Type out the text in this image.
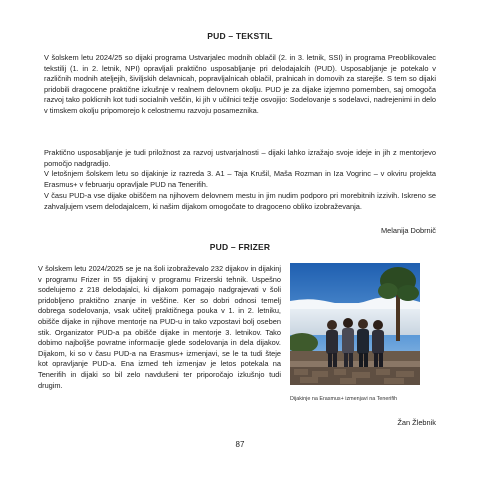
PUD – TEKSTIL

V šolskem letu 2024/25 so dijaki programa Ustvarjalec modnih oblačil (2. in 3. letnik, SSI) in programa Preoblikovalec tekstilij (1. in 2. letnik, NPI) opravljali praktično usposabljanje pri delodajalcih (PUD). Usposabljanje je potekalo v različnih modnih ateljejih, šiviljskih delavnicah, popravljalnicah oblačil, pralnicah in domovih za starejše. S tem so dijaki pridobili dragocene praktične izkušnje v realnem delovnem okolju. PUD je za dijake izjemno pomemben, saj omogoča razvoj tako poklicnih kot tudi socialnih veščin, ki jih v učilnici težje osvojijo: Sodelovanje s sodelavci, nadrejenimi in delo v timskem okolju pripomorejo k celostnemu razvoju posameznika.

Praktično usposabljanje je tudi priložnost za razvoj ustvarjalnosti – dijaki lahko izražajo svoje ideje in jih z mentorjevo pomočjo nadgradijo.

V letošnjem šolskem letu so dijakinje iz razreda 3. A1 – Taja Krušil, Maša Rozman in Iza Vogrinc – v okviru projekta Erasmus+ v februarju opravljale PUD na Tenerifih.

V času PUD-a vse dijake obiščem na njihovem delovnem mestu in jim nudim podporo pri morebitnih izzivih. Iskreno se zahvaljujem vsem delodajalcem, ki našim dijakom omogočate to dragoceno obliko izobraževanja.

Melanija Dobrnič
PUD – FRIZER

V šolskem letu 2024/2025 se je na šoli izobraževalo 232 dijakov in dijakinj v programu Frizer in 55 dijakinj v programu Frizerski tehnik. Uspešno sodelujemo z 218 delodajalci, ki dijakom pomagajo nadgrajevati v šoli pridobljeno praktično znanje in veščine. Ker so dobri odnosi temelj dobrega sodelovanja, vsak učitelj praktičnega pouka v 1. in 2. letniku, obišče dijake in njihove mentorje na PUD-u in tako vzpostavi bolj oseben stik. Organizator PUD-a pa obišče dijake in mentorje 3. letnikov. Tako dobimo najboljše povratne informacije glede sodelovanja in dela dijakov. Dijakom, ki so v času PUD-a na Erasmus+ izmenjavi, se le ta tudi šteje kot opravljanje PUD-a. Ena izmed teh izmenjav je letos potekala na Tenerifih in dijaki so bil zelo navdušeni ter priporočajo izkušnjo tudi drugim.

Dijakinje na Erasmus+ izmenjavi na Tenerifih
Žan Žlebnik
87
